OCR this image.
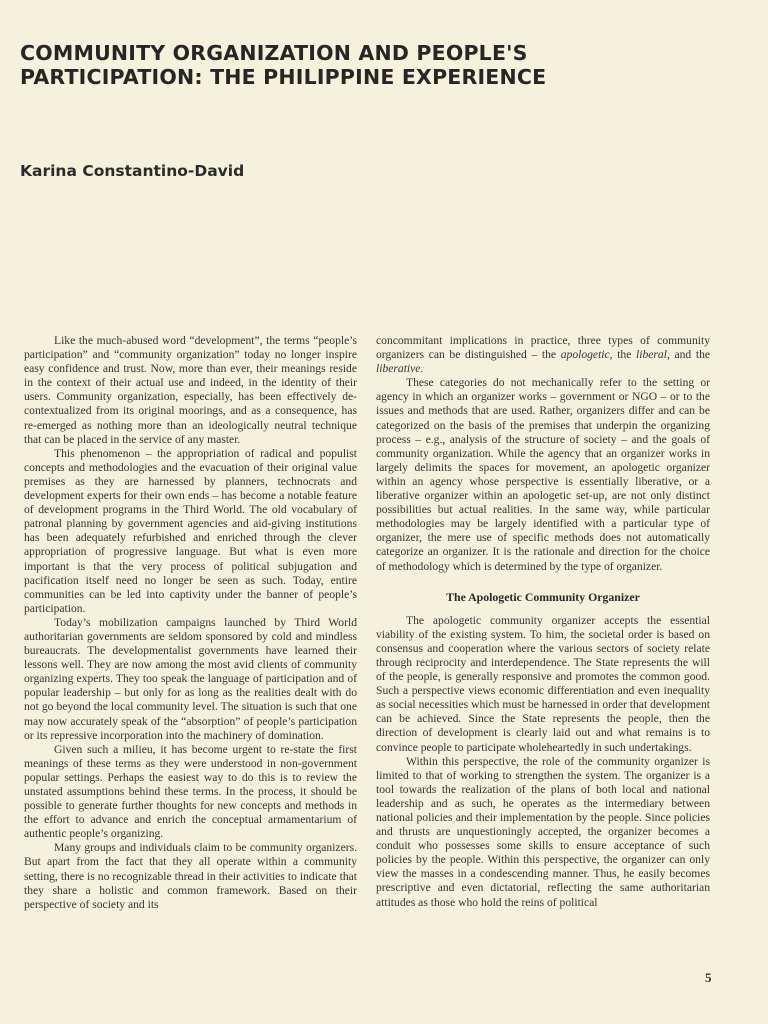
COMMUNITY ORGANIZATION AND PEOPLE'S
PARTICIPATION: THE PHILIPPINE EXPERIENCE
Karina Constantino-David

Like the much-abused word “development”, the terms “people’s participation” and “community organization” today no longer inspire easy confidence and trust. Now, more than ever, their meanings reside in the context of their actual use and indeed, in the identity of their users. Community organization, especially, has been effectively de-contextualized from its original moorings, and as a consequence, has re-emerged as nothing more than an ideologically neutral technique that can be placed in the service of any master.

This phenomenon – the appropriation of radical and populist concepts and methodologies and the evacuation of their original value premises as they are harnessed by planners, technocrats and development experts for their own ends – has become a notable feature of development programs in the Third World. The old vocabulary of patronal planning by government agencies and aid-giving institutions has been adequately refurbished and enriched through the clever appropriation of progressive language. But what is even more important is that the very process of political subjugation and pacification itself need no longer be seen as such. Today, entire communities can be led into captivity under the banner of people’s participation.

Today’s mobilization campaigns launched by Third World authoritarian governments are seldom sponsored by cold and mindless bureaucrats. The developmentalist governments have learned their lessons well. They are now among the most avid clients of community organizing experts. They too speak the language of participation and of popular leadership – but only for as long as the realities dealt with do not go beyond the local community level. The situation is such that one may now accurately speak of the “absorption” of people’s participation or its repressive incorporation into the machinery of domination.

Given such a milieu, it has become urgent to re-state the first meanings of these terms as they were understood in non-government popular settings. Perhaps the easiest way to do this is to review the unstated assumptions behind these terms. In the process, it should be possible to generate further thoughts for new concepts and methods in the effort to advance and enrich the conceptual armamentarium of authentic people’s organizing.

Many groups and individuals claim to be community organizers. But apart from the fact that they all operate within a community setting, there is no recognizable thread in their activities to indicate that they share a holistic and common framework. Based on their perspective of society and its

concommitant implications in practice, three types of community organizers can be distinguished – the apologetic, the liberal, and the liberative.

These categories do not mechanically refer to the setting or agency in which an organizer works – government or NGO – or to the issues and methods that are used. Rather, organizers differ and can be categorized on the basis of the premises that underpin the organizing process – e.g., analysis of the structure of society – and the goals of community organization. While the agency that an organizer works in largely delimits the spaces for movement, an apologetic organizer within an agency whose perspective is essentially liberative, or a liberative organizer within an apologetic set-up, are not only distinct possibilities but actual realities. In the same way, while particular methodologies may be largely identified with a particular type of organizer, the mere use of specific methods does not automatically categorize an organizer. It is the rationale and direction for the choice of methodology which is determined by the type of organizer.

The Apologetic Community Organizer

The apologetic community organizer accepts the essential viability of the existing system. To him, the societal order is based on consensus and cooperation where the various sectors of society relate through reciprocity and interdependence. The State represents the will of the people, is generally responsive and promotes the common good. Such a perspective views economic differentiation and even inequality as social necessities which must be harnessed in order that development can be achieved. Since the State represents the people, then the direction of development is clearly laid out and what remains is to convince people to participate wholeheartedly in such undertakings.

Within this perspective, the role of the community organizer is limited to that of working to strengthen the system. The organizer is a tool towards the realization of the plans of both local and national leadership and as such, he operates as the intermediary between national policies and their implementation by the people. Since policies and thrusts are unquestioningly accepted, the organizer becomes a conduit who possesses some skills to ensure acceptance of such policies by the people. Within this perspective, the organizer can only view the masses in a condescending manner. Thus, he easily becomes prescriptive and even dictatorial, reflecting the same authoritarian attitudes as those who hold the reins of political

5
